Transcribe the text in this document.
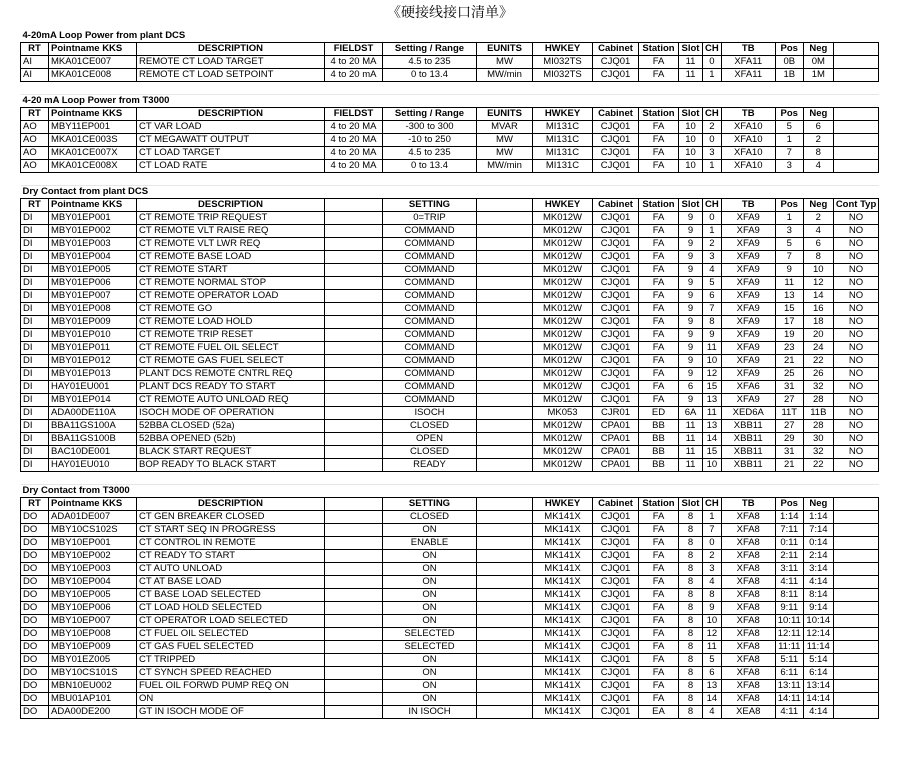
《硬接线接口清单》
4-20mA Loop Power from plant DCS														
RT	Pointname KKS	DESCRIPTION	FIELDST	Setting / Range	EUNITS	HWKEY	Cabinet	Station	Slot	CH	TB	Pos	Neg	
AI	MKA01CE007	REMOTE CT LOAD TARGET	4 to 20 MA	4.5 to 235	MW	MI032TS	CJQ01	FA	11	0	XFA11	0B	0M	
AI	MKA01CE008	REMOTE CT LOAD SETPOINT	4 to 20 mA	0 to 13.4	MW/min	MI032TS	CJQ01	FA	11	1	XFA11	1B	1M	

4-20 mA Loop Power from T3000														
RT	Pointname KKS	DESCRIPTION	FIELDST	Setting / Range	EUNITS	HWKEY	Cabinet	Station	Slot	CH	TB	Pos	Neg	
AO	MBY11EP001	CT VAR LOAD	4 to 20 MA	-300 to 300	MVAR	MI131C	CJQ01	FA	10	2	XFA10	5	6	
AO	MKA01CE003S	CT MEGAWATT OUTPUT	4 to 20 MA	-10 to 250	MW	MI131C	CJQ01	FA	10	0	XFA10	1	2	
AO	MKA01CE007X	CT LOAD TARGET	4 to 20 MA	4.5 to 235	MW	MI131C	CJQ01	FA	10	3	XFA10	7	8	
AO	MKA01CE008X	CT LOAD RATE	4 to 20 MA	0 to 13.4	MW/min	MI131C	CJQ01	FA	10	1	XFA10	3	4	

Dry Contact from plant DCS														
RT	Pointname KKS	DESCRIPTION		SETTING		HWKEY	Cabinet	Station	Slot	CH	TB	Pos	Neg	Cont Typ
DI	MBY01EP001	CT REMOTE TRIP REQUEST		0=TRIP		MK012W	CJQ01	FA	9	0	XFA9	1	2	NO
DI	MBY01EP002	CT REMOTE VLT RAISE REQ		COMMAND		MK012W	CJQ01	FA	9	1	XFA9	3	4	NO
DI	MBY01EP003	CT REMOTE VLT LWR REQ		COMMAND		MK012W	CJQ01	FA	9	2	XFA9	5	6	NO
DI	MBY01EP004	CT REMOTE BASE LOAD		COMMAND		MK012W	CJQ01	FA	9	3	XFA9	7	8	NO
DI	MBY01EP005	CT REMOTE START		COMMAND		MK012W	CJQ01	FA	9	4	XFA9	9	10	NO
DI	MBY01EP006	CT REMOTE NORMAL STOP		COMMAND		MK012W	CJQ01	FA	9	5	XFA9	11	12	NO
DI	MBY01EP007	CT REMOTE OPERATOR LOAD		COMMAND		MK012W	CJQ01	FA	9	6	XFA9	13	14	NO
DI	MBY01EP008	CT REMOTE GO		COMMAND		MK012W	CJQ01	FA	9	7	XFA9	15	16	NO
DI	MBY01EP009	CT REMOTE LOAD HOLD		COMMAND		MK012W	CJQ01	FA	9	8	XFA9	17	18	NO
DI	MBY01EP010	CT REMOTE TRIP RESET		COMMAND		MK012W	CJQ01	FA	9	9	XFA9	19	20	NO
DI	MBY01EP011	CT REMOTE FUEL OIL SELECT		COMMAND		MK012W	CJQ01	FA	9	11	XFA9	23	24	NO
DI	MBY01EP012	CT REMOTE GAS FUEL SELECT		COMMAND		MK012W	CJQ01	FA	9	10	XFA9	21	22	NO
DI	MBY01EP013	PLANT DCS REMOTE CNTRL REQ		COMMAND		MK012W	CJQ01	FA	9	12	XFA9	25	26	NO
DI	HAY01EU001	PLANT DCS READY TO START		COMMAND		MK012W	CJQ01	FA	6	15	XFA6	31	32	NO
DI	MBY01EP014	CT REMOTE AUTO UNLOAD REQ		COMMAND		MK012W	CJQ01	FA	9	13	XFA9	27	28	NO
DI	ADA00DE110A	ISOCH MODE OF OPERATION		ISOCH		MK053	CJR01	ED	6A	11	XED6A	11T	11B	NO
DI	BBA11GS100A	52BBA CLOSED (52a)		CLOSED		MK012W	CPA01	BB	11	13	XBB11	27	28	NO
DI	BBA11GS100B	52BBA OPENED (52b)		OPEN		MK012W	CPA01	BB	11	14	XBB11	29	30	NO
DI	BAC10DE001	BLACK START REQUEST		CLOSED		MK012W	CPA01	BB	11	15	XBB11	31	32	NO
DI	HAY01EU010	BOP READY TO BLACK START		READY		MK012W	CPA01	BB	11	10	XBB11	21	22	NO

Dry Contact from T3000														
RT	Pointname KKS	DESCRIPTION		SETTING		HWKEY	Cabinet	Station	Slot	CH	TB	Pos	Neg	
DO	ADA01DE007	CT GEN BREAKER CLOSED		CLOSED		MK141X	CJQ01	FA	8	1	XFA8	1:14	1:14	
DO	MBY10CS102S	CT START SEQ IN PROGRESS		ON		MK141X	CJQ01	FA	8	7	XFA8	7:11	7:14	
DO	MBY10EP001	CT CONTROL IN REMOTE		ENABLE		MK141X	CJQ01	FA	8	0	XFA8	0:11	0:14	
DO	MBY10EP002	CT READY TO START		ON		MK141X	CJQ01	FA	8	2	XFA8	2:11	2:14	
DO	MBY10EP003	CT AUTO UNLOAD		ON		MK141X	CJQ01	FA	8	3	XFA8	3:11	3:14	
DO	MBY10EP004	CT AT BASE LOAD		ON		MK141X	CJQ01	FA	8	4	XFA8	4:11	4:14	
DO	MBY10EP005	CT BASE LOAD SELECTED		ON		MK141X	CJQ01	FA	8	8	XFA8	8:11	8:14	
DO	MBY10EP006	CT LOAD HOLD SELECTED		ON		MK141X	CJQ01	FA	8	9	XFA8	9:11	9:14	
DO	MBY10EP007	CT OPERATOR LOAD SELECTED		ON		MK141X	CJQ01	FA	8	10	XFA8	10:11	10:14	
DO	MBY10EP008	CT FUEL OIL SELECTED		SELECTED		MK141X	CJQ01	FA	8	12	XFA8	12:11	12:14	
DO	MBY10EP009	CT GAS FUEL SELECTED		SELECTED		MK141X	CJQ01	FA	8	11	XFA8	11:11	11:14	
DO	MBY01EZ005	CT TRIPPED		ON		MK141X	CJQ01	FA	8	5	XFA8	5:11	5:14	
DO	MBY10CS101S	CT SYNCH SPEED REACHED		ON		MK141X	CJQ01	FA	8	6	XFA8	6:11	6:14	
DO	MBN10EU002	FUEL OIL FORWD PUMP REQ ON		ON		MK141X	CJQ01	FA	8	13	XFA8	13:11	13:14	
DO	MBU01AP101	ON		ON		MK141X	CJQ01	FA	8	14	XFA8	14:11	14:14	
DO	ADA00DE200	GT IN ISOCH MODE OF		IN ISOCH		MK141X	CJQ01	EA	8	4	XEA8	4:11	4:14	
